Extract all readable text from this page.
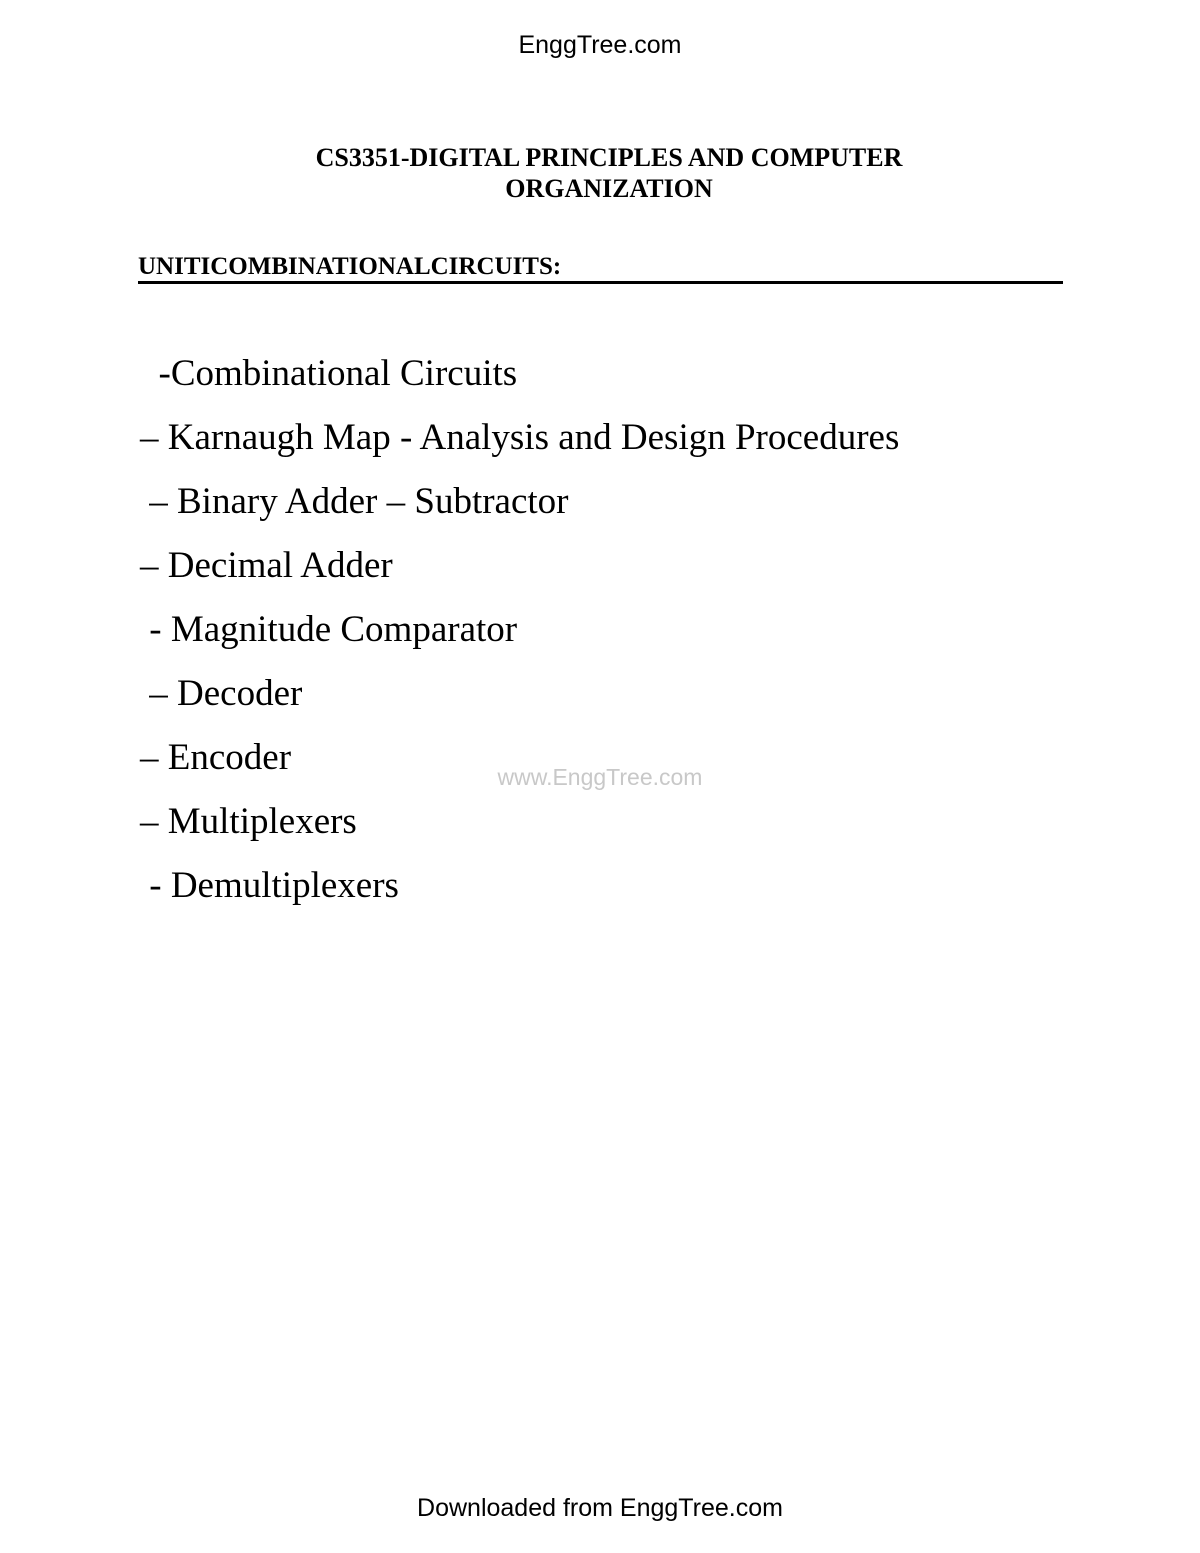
EnggTree.com
CS3351-DIGITAL PRINCIPLES AND COMPUTER
ORGANIZATION
UNITICOMBINATIONALCIRCUITS:
-Combinational Circuits
– Karnaugh Map - Analysis and Design Procedures
– Binary Adder – Subtractor
– Decimal Adder
- Magnitude Comparator
– Decoder
– Encoder
– Multiplexers
- Demultiplexers
www.EnggTree.com
Downloaded from EnggTree.com
